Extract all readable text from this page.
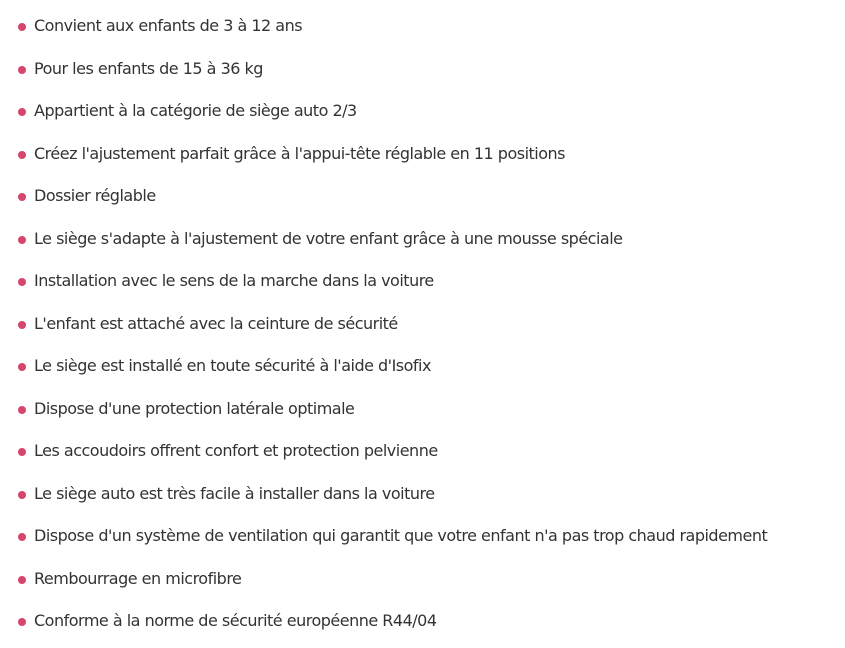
Convient aux enfants de 3 à 12 ans
Pour les enfants de 15 à 36 kg
Appartient à la catégorie de siège auto 2/3
Créez l'ajustement parfait grâce à l'appui-tête réglable en 11 positions
Dossier réglable
Le siège s'adapte à l'ajustement de votre enfant grâce à une mousse spéciale
Installation avec le sens de la marche dans la voiture
L'enfant est attaché avec la ceinture de sécurité
Le siège est installé en toute sécurité à l'aide d'Isofix
Dispose d'une protection latérale optimale
Les accoudoirs offrent confort et protection pelvienne
Le siège auto est très facile à installer dans la voiture
Dispose d'un système de ventilation qui garantit que votre enfant n'a pas trop chaud rapidement
Rembourrage en microfibre
Conforme à la norme de sécurité européenne R44/04
